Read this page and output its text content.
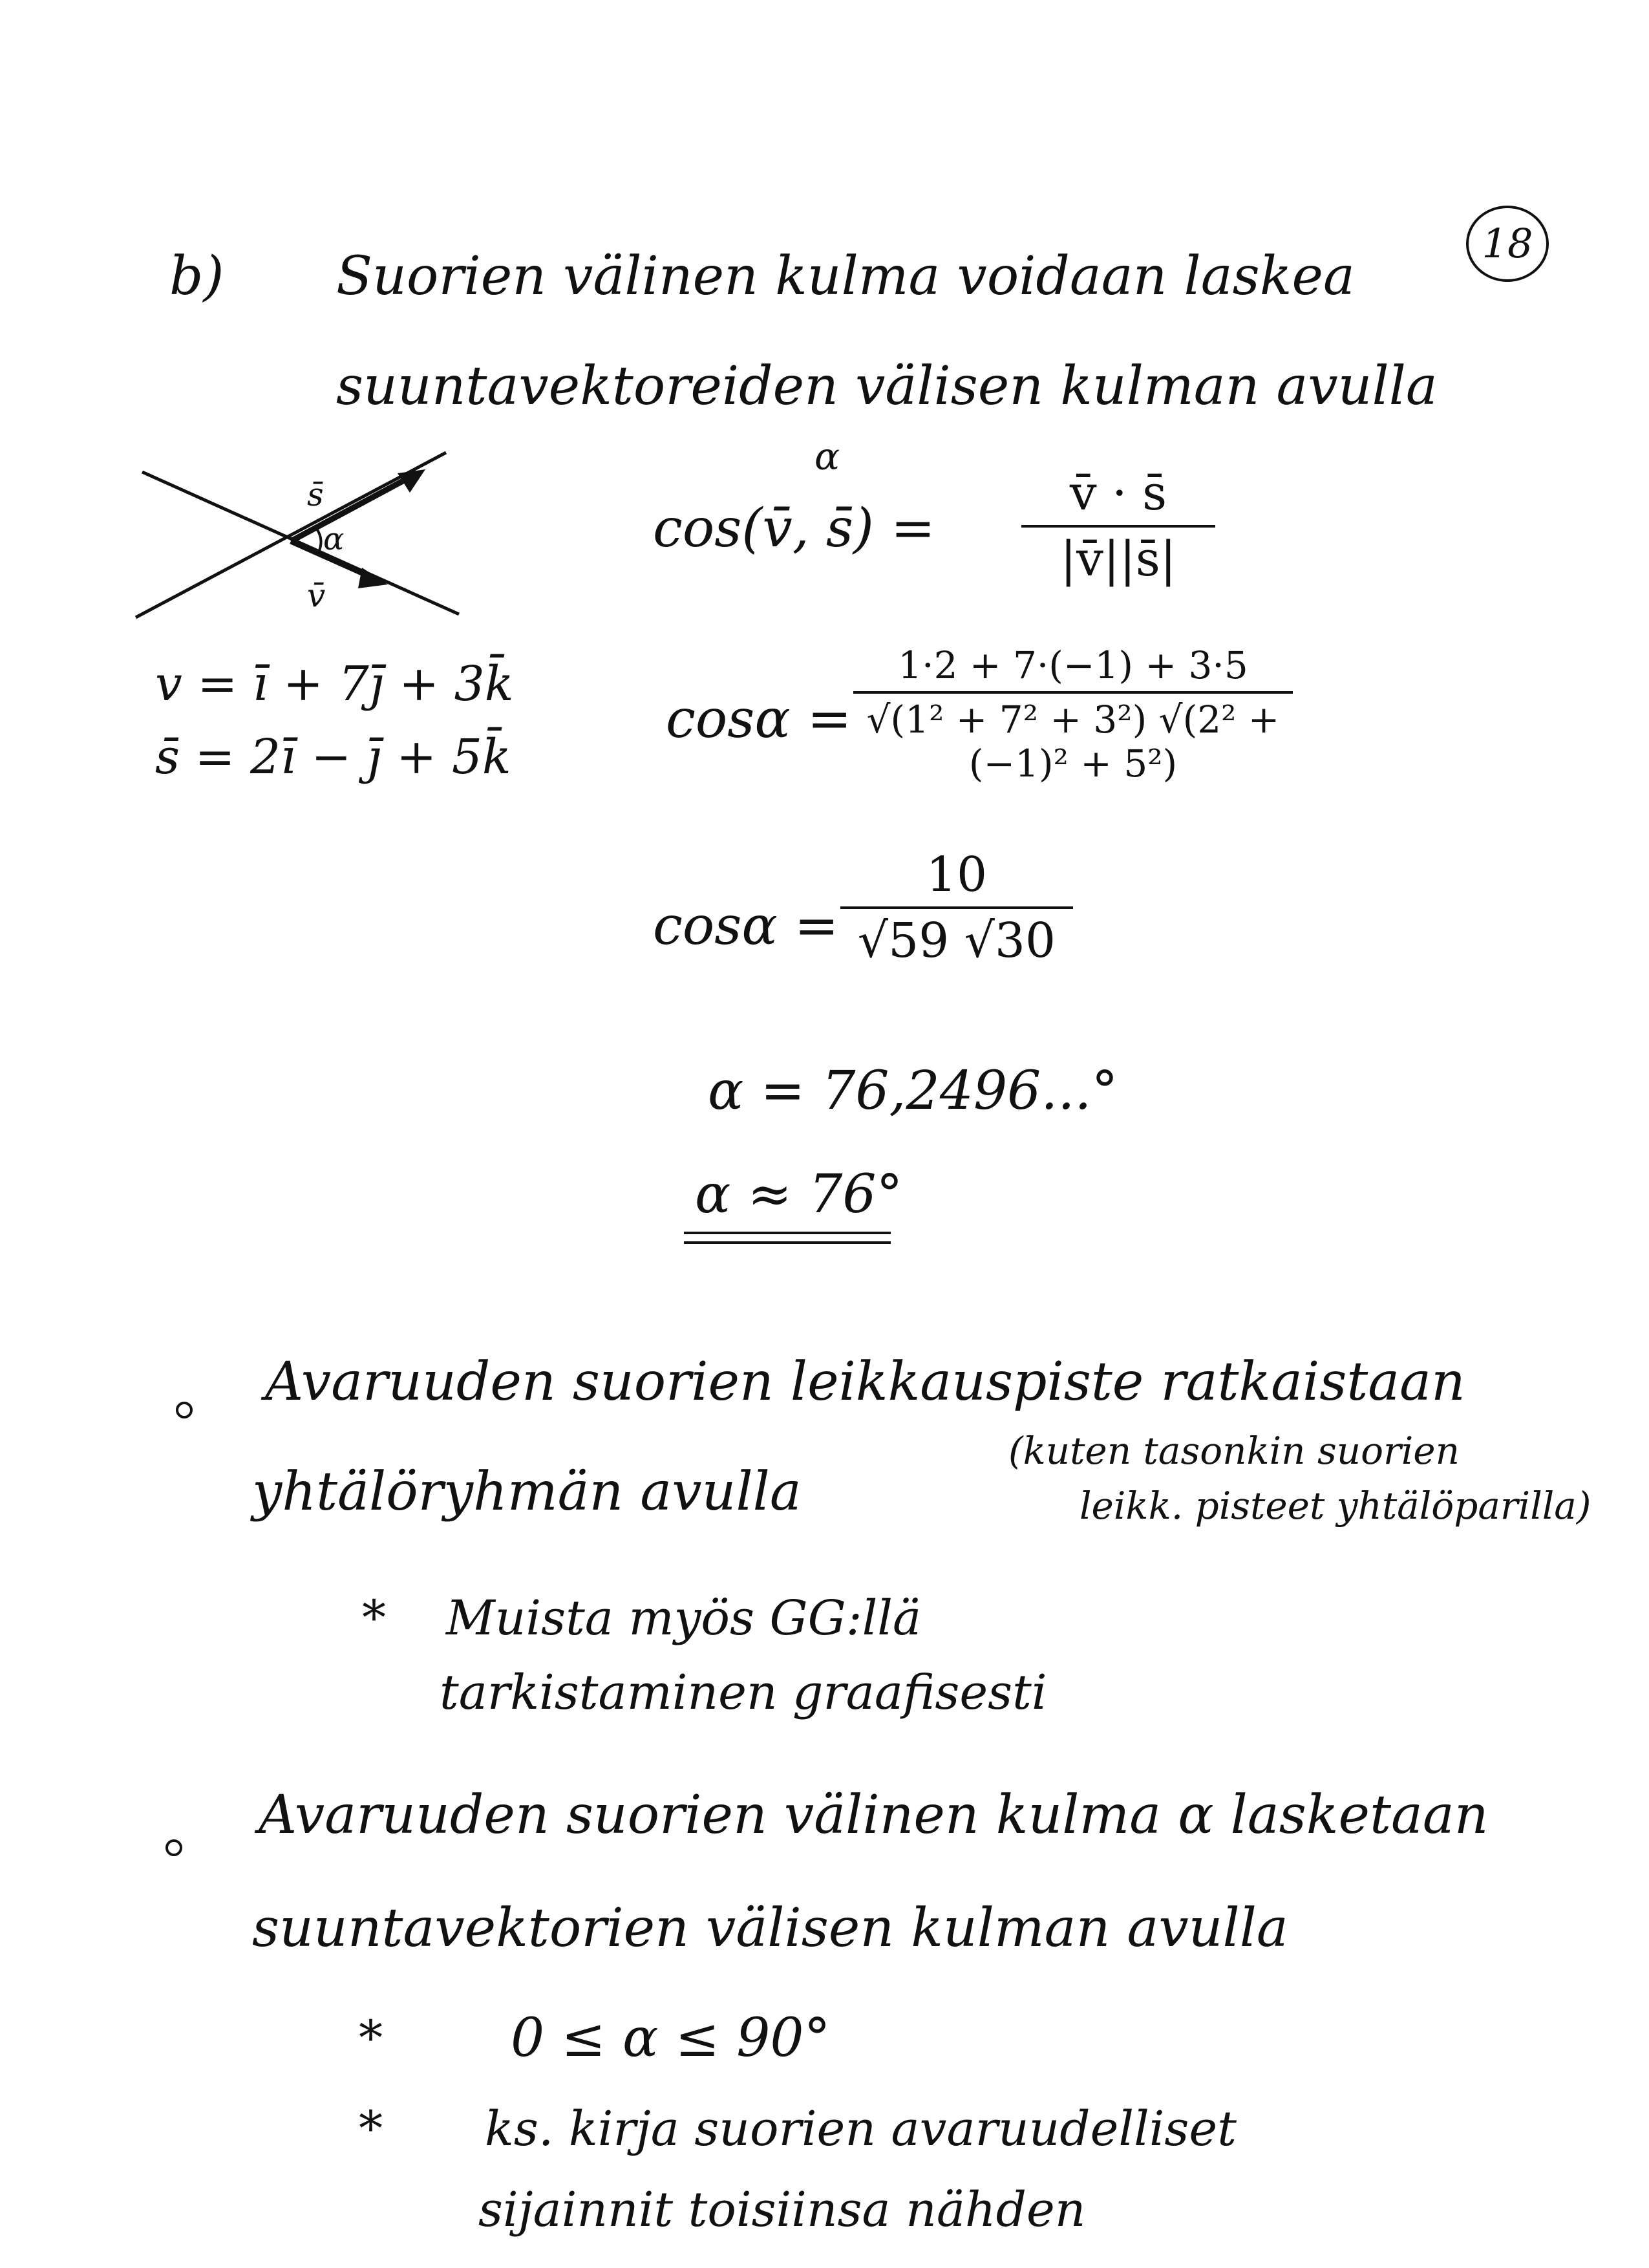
18
b) Suorien välinen kulma voidaan laskea
suuntavektoreiden välisen kulman avulla
s̄
α
v̄
v = ī + 7j̄ + 3k̄
s̄ = 2ī − j̄ + 5k̄
α
cos(v̄, s̄) =
v̄ · s̄
|v̄||s̄|
cosα =
1·2 + 7·(−1) + 3·5
√(1² + 7² + 3²) √(2² + (−1)² + 5²)
cosα =
10
√59 √30
α = 76,2496...°
α ≈ 76°
Avaruuden suorien leikkauspiste ratkaistaan
yhtälöryhmän avulla
(kuten tasonkin suorien
leikk. pisteet yhtälöparilla)
* Muista myös GG:llä
tarkistaminen graafisesti
Avaruuden suorien välinen kulma α lasketaan
suuntavektorien välisen kulman avulla
* 0 ≤ α ≤ 90°
* ks. kirja suorien avaruudelliset
sijainnit toisiinsa nähden
